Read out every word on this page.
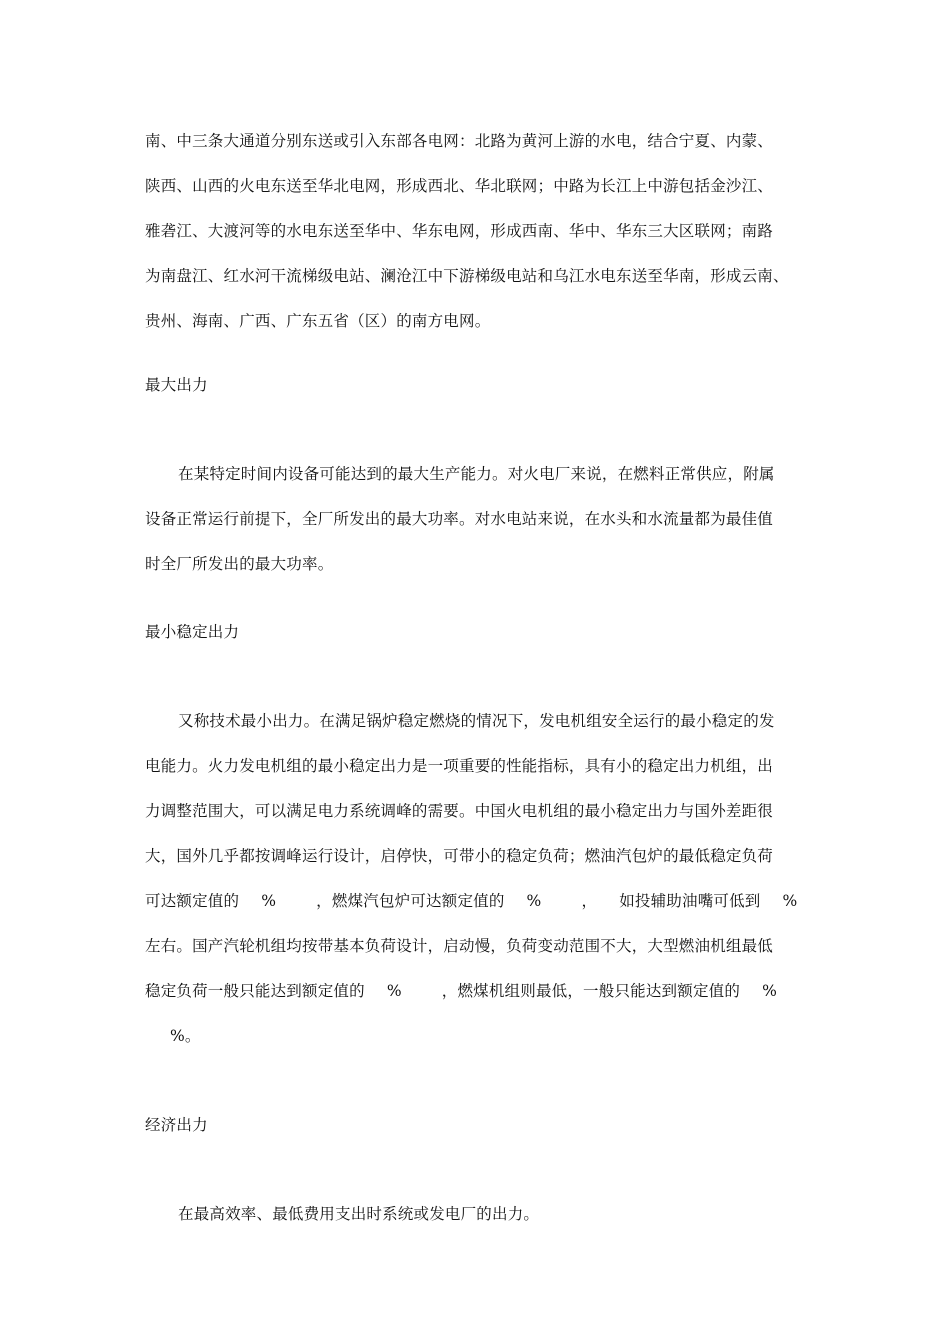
南、中三条大通道分别东送或引入东部各电网：北路为黄河上游的水电，结合宁夏、内蒙、
陕西、山西的火电东送至华北电网，形成西北、华北联网；中路为长江上中游包括金沙江、
雅砻江、大渡河等的水电东送至华中、华东电网，形成西南、华中、华东三大区联网；南路
为南盘江、红水河干流梯级电站、澜沧江中下游梯级电站和乌江水电东送至华南，形成云南、
贵州、海南、广西、广东五省（区）的南方电网。
最大出力
在某特定时间内设备可能达到的最大生产能力。对火电厂来说，在燃料正常供应，附属
设备正常运行前提下，全厂所发出的最大功率。对水电站来说，在水头和水流量都为最佳值
时全厂所发出的最大功率。
最小稳定出力
又称技术最小出力。在满足锅炉稳定燃烧的情况下，发电机组安全运行的最小稳定的发
电能力。火力发电机组的最小稳定出力是一项重要的性能指标，具有小的稳定出力机组，出
力调整范围大，可以满足电力系统调峰的需要。中国火电机组的最小稳定出力与国外差距很
大，国外几乎都按调峰运行设计，启停快，可带小的稳定负荷；燃油汽包炉的最低稳定负荷
可达额定值的 %	，燃煤汽包炉可达额定值的 %	， 如投辅助油嘴可低到 %
左右。国产汽轮机组均按带基本负荷设计，启动慢，负荷变动范围不大，大型燃油机组最低
稳定负荷一般只能达到额定值的 %	，燃煤机组则最低，一般只能达到额定值的 %
%。
经济出力
在最高效率、最低费用支出时系统或发电厂的出力。
